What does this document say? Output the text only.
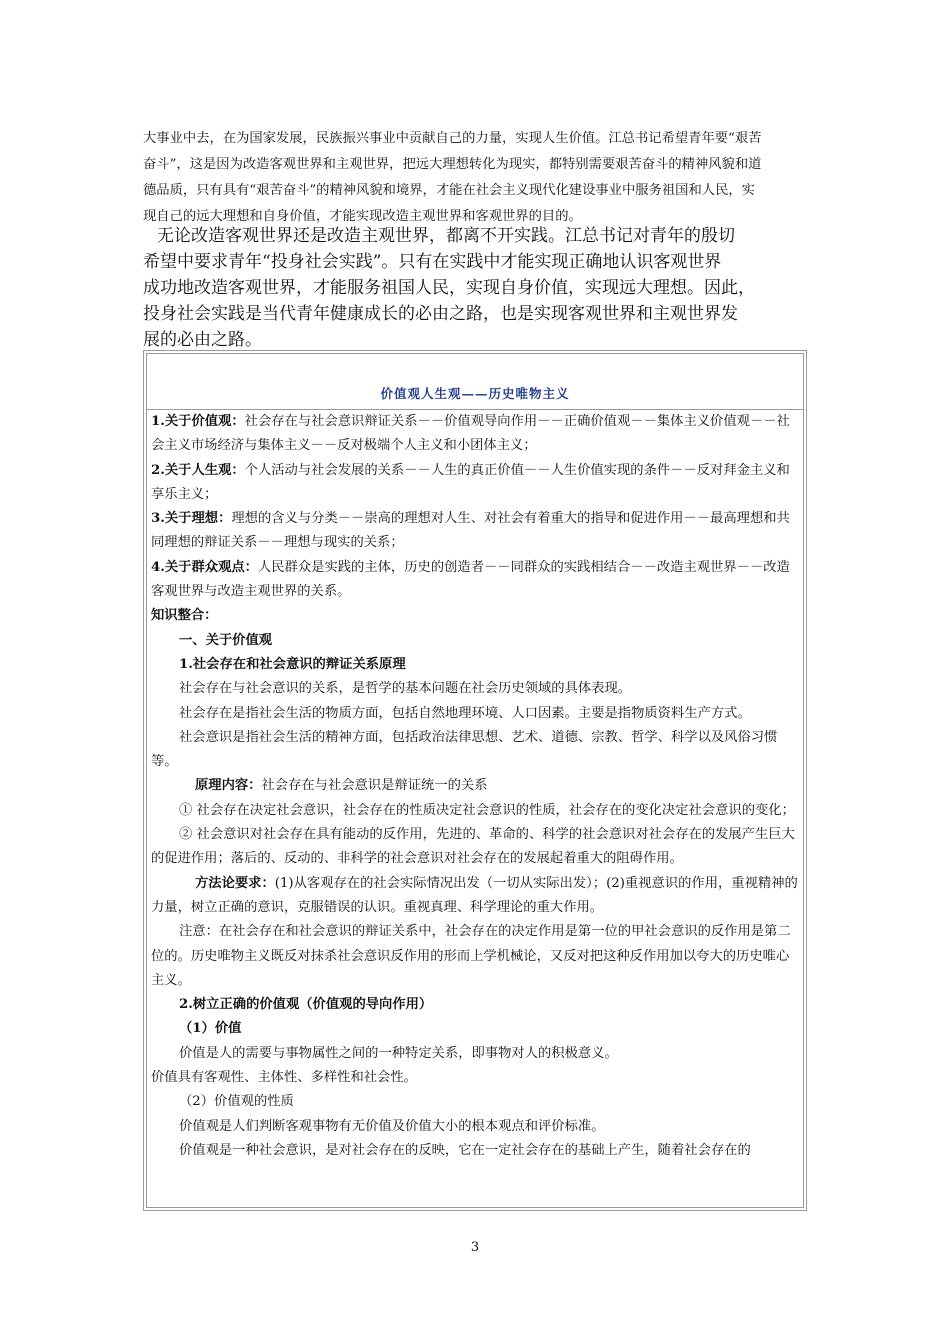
大事业中去，在为国家发展，民族振兴事业中贡献自己的力量，实现人生价值。江总书记希望青年要“艰苦

奋斗”，这是因为改造客观世界和主观世界，把远大理想转化为现实，都特别需要艰苦奋斗的精神风貌和道

德品质，只有具有“艰苦奋斗”的精神风貌和境界，才能在社会主义现代化建设事业中服务祖国和人民，实

现自己的远大理想和自身价值，才能实现改造主观世界和客观世界的目的。

无论改造客观世界还是改造主观世界，都离不开实践。江总书记对青年的殷切

希望中要求青年“投身社会实践”。只有在实践中才能实现正确地认识客观世界

成功地改造客观世界，才能服务祖国人民，实现自身价值，实现远大理想。因此，

投身社会实践是当代青年健康成长的必由之路，也是实现客观世界和主观世界发

展的必由之路。

价值观人生观——历史唯物主义

1.关于价值观：社会存在与社会意识辩证关系－－价值观导向作用－－正确价值观－－集体主义价值观－－社会主义市场经济与集体主义－－反对极端个人主义和小团体主义；

2.关于人生观：个人活动与社会发展的关系－－人生的真正价值－－人生价值实现的条件－－反对拜金主义和享乐主义；

3.关于理想：理想的含义与分类－－崇高的理想对人生、对社会有着重大的指导和促进作用－－最高理想和共同理想的辩证关系－－理想与现实的关系；

4.关于群众观点：人民群众是实践的主体，历史的创造者－－同群众的实践相结合－－改造主观世界－－改造客观世界与改造主观世界的关系。

知识整合：

一、关于价值观

1.社会存在和社会意识的辩证关系原理

社会存在与社会意识的关系，是哲学的基本问题在社会历史领域的具体表现。

社会存在是指社会生活的物质方面，包括自然地理环境、人口因素。主要是指物质资料生产方式。

社会意识是指社会生活的精神方面，包括政治法律思想、艺术、道德、宗教、哲学、科学以及风俗习惯等。

原理内容：社会存在与社会意识是辩证统一的关系

① 社会存在决定社会意识，社会存在的性质决定社会意识的性质，社会存在的变化决定社会意识的变化；

② 社会意识对社会存在具有能动的反作用，先进的、革命的、科学的社会意识对社会存在的发展产生巨大的促进作用；落后的、反动的、非科学的社会意识对社会存在的发展起着重大的阻碍作用。

方法论要求：(1)从客观存在的社会实际情况出发（一切从实际出发）；(2)重视意识的作用，重视精神的力量，树立正确的意识，克服错误的认识。重视真理、科学理论的重大作用。

注意：在社会存在和社会意识的辩证关系中，社会存在的决定作用是第一位的甲社会意识的反作用是第二位的。历史唯物主义既反对抹杀社会意识反作用的形而上学机械论，又反对把这种反作用加以夸大的历史唯心主义。

2.树立正确的价值观（价值观的导向作用）

（1）价值

价值是人的需要与事物属性之间的一种特定关系，即事物对人的积极意义。

价值具有客观性、主体性、多样性和社会性。

（2）价值观的性质

价值观是人们判断客观事物有无价值及价值大小的根本观点和评价标准。

价值观是一种社会意识，是对社会存在的反映，它在一定社会存在的基础上产生，随着社会存在的

3
